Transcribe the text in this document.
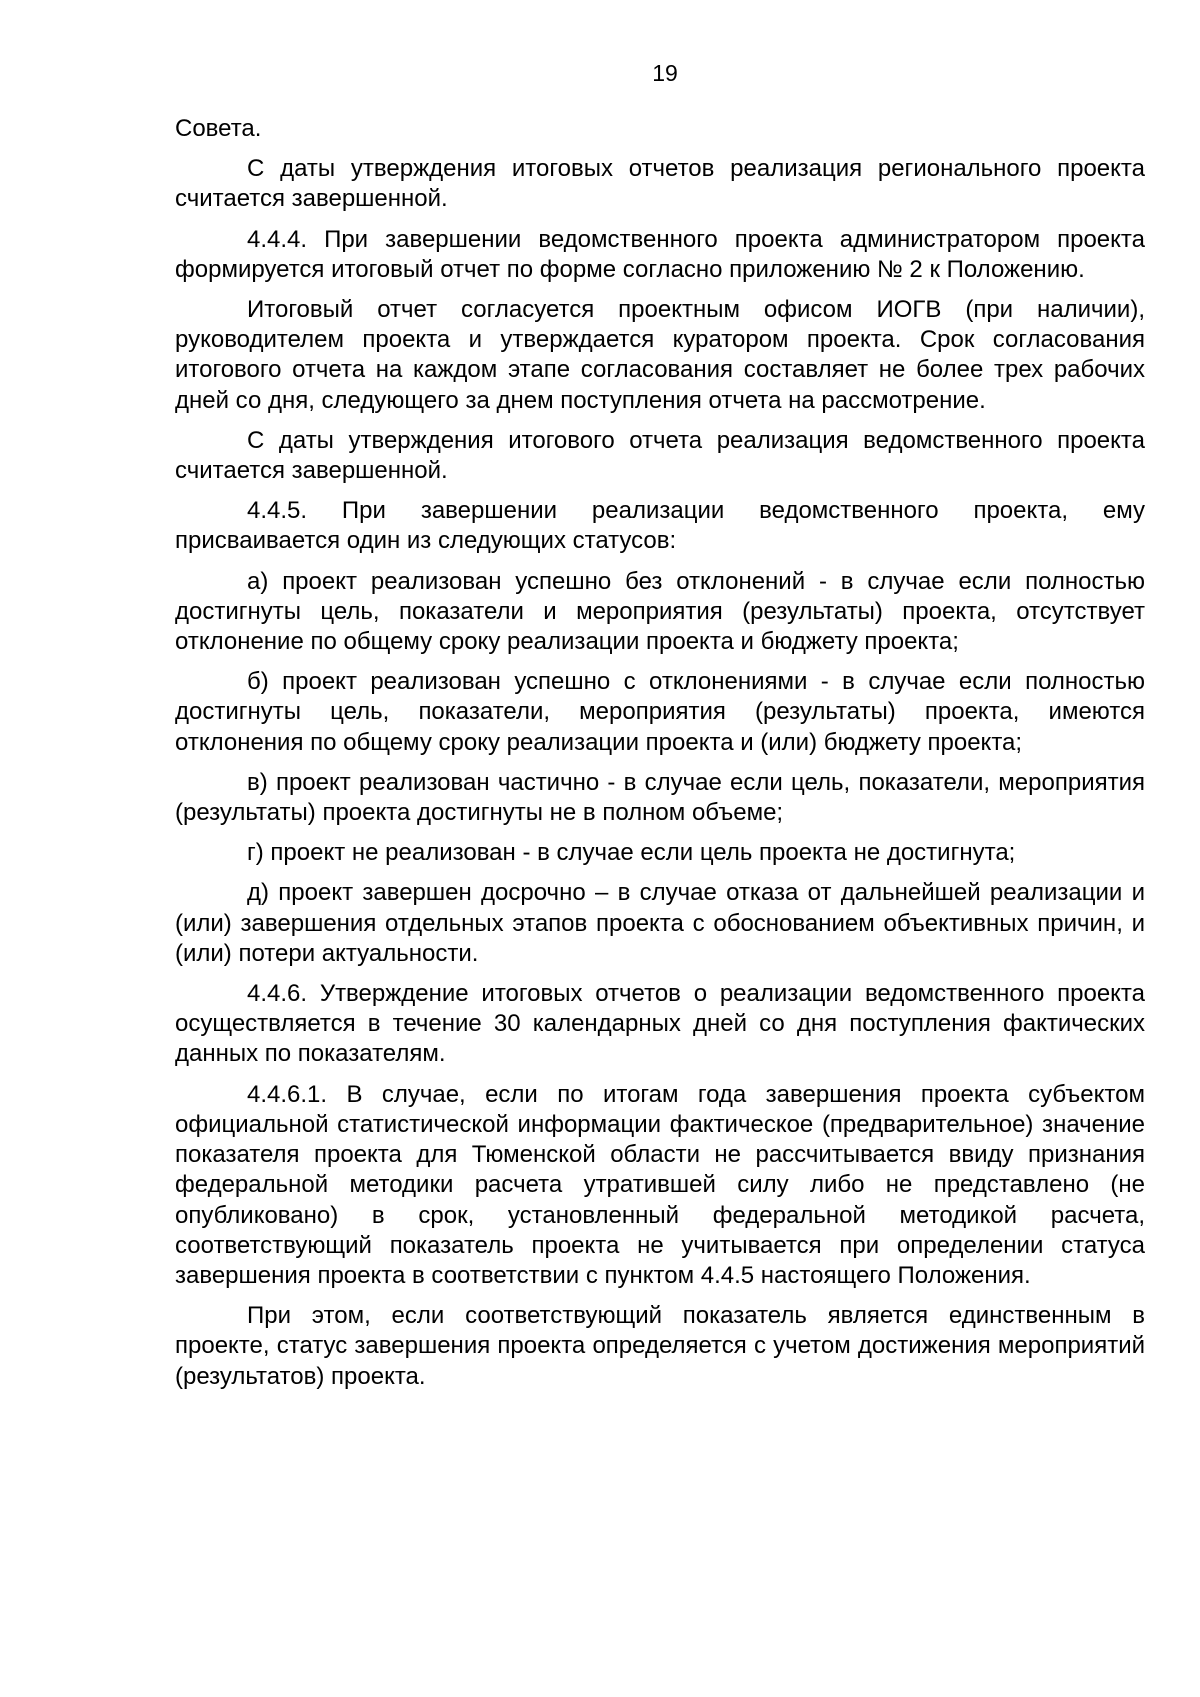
19

Совета.

С даты утверждения итоговых отчетов реализация регионального проекта считается завершенной.

4.4.4. При завершении ведомственного проекта администратором проекта формируется итоговый отчет по форме согласно приложению № 2 к Положению.

Итоговый отчет согласуется проектным офисом ИОГВ (при наличии), руководителем проекта и утверждается куратором проекта. Срок согласования итогового отчета на каждом этапе согласования составляет не более трех рабочих дней со дня, следующего за днем поступления отчета на рассмотрение.

С даты утверждения итогового отчета реализация ведомственного проекта считается завершенной.

4.4.5. При завершении реализации ведомственного проекта, ему присваивается один из следующих статусов:

а) проект реализован успешно без отклонений - в случае если полностью достигнуты цель, показатели и мероприятия (результаты) проекта, отсутствует отклонение по общему сроку реализации проекта и бюджету проекта;

б) проект реализован успешно с отклонениями - в случае если полностью достигнуты цель, показатели, мероприятия (результаты) проекта, имеются отклонения по общему сроку реализации проекта и (или) бюджету проекта;

в) проект реализован частично - в случае если цель, показатели, мероприятия (результаты) проекта достигнуты не в полном объеме;

г) проект не реализован - в случае если цель проекта не достигнута;

д) проект завершен досрочно – в случае отказа от дальнейшей реализации и (или) завершения отдельных этапов проекта с обоснованием объективных причин, и (или) потери актуальности.

4.4.6. Утверждение итоговых отчетов о реализации ведомственного проекта осуществляется в течение 30 календарных дней со дня поступления фактических данных по показателям.

4.4.6.1. В случае, если по итогам года завершения проекта субъектом официальной статистической информации фактическое (предварительное) значение показателя проекта для Тюменской области не рассчитывается ввиду признания федеральной методики расчета утратившей силу либо не представлено (не опубликовано) в срок, установленный федеральной методикой расчета, соответствующий показатель проекта не учитывается при определении статуса завершения проекта в соответствии с пунктом 4.4.5 настоящего Положения.

При этом, если соответствующий показатель является единственным в проекте, статус завершения проекта определяется с учетом достижения мероприятий (результатов) проекта.
